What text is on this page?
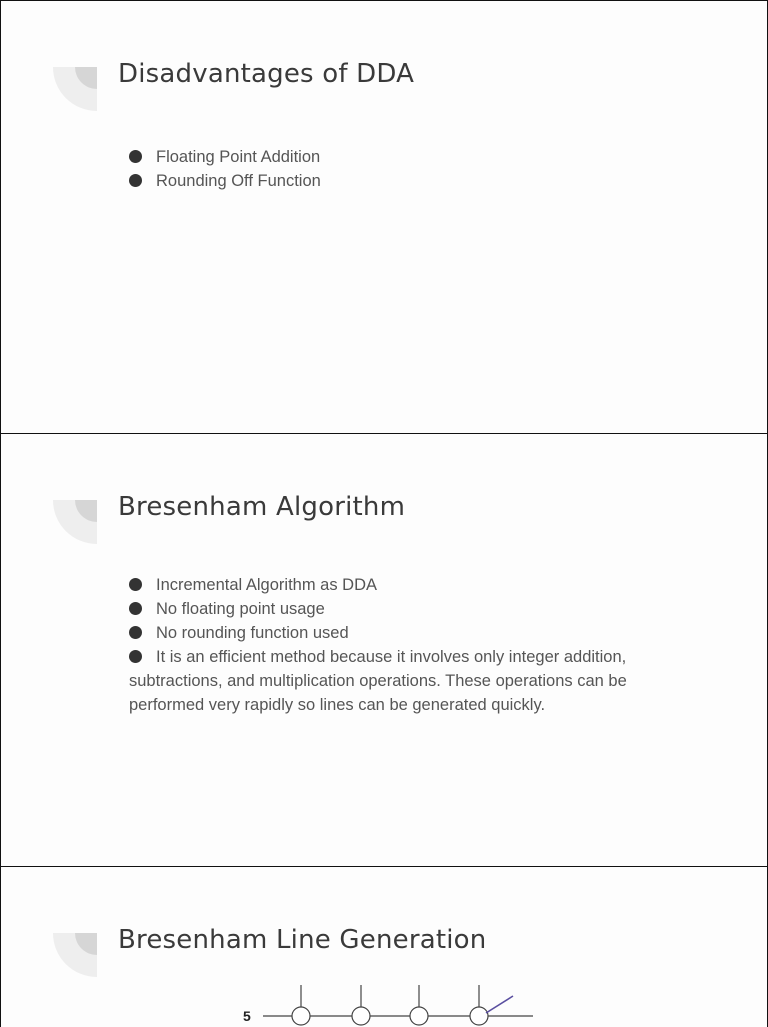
Disadvantages of DDA
Floating Point Addition
Rounding Off Function
Bresenham Algorithm
Incremental Algorithm as DDA
No floating point usage
No rounding function used
It is an efficient method because it involves only integer addition, subtractions, and multiplication operations. These operations can be performed very rapidly so lines can be generated quickly.
Bresenham Line Generation
5
